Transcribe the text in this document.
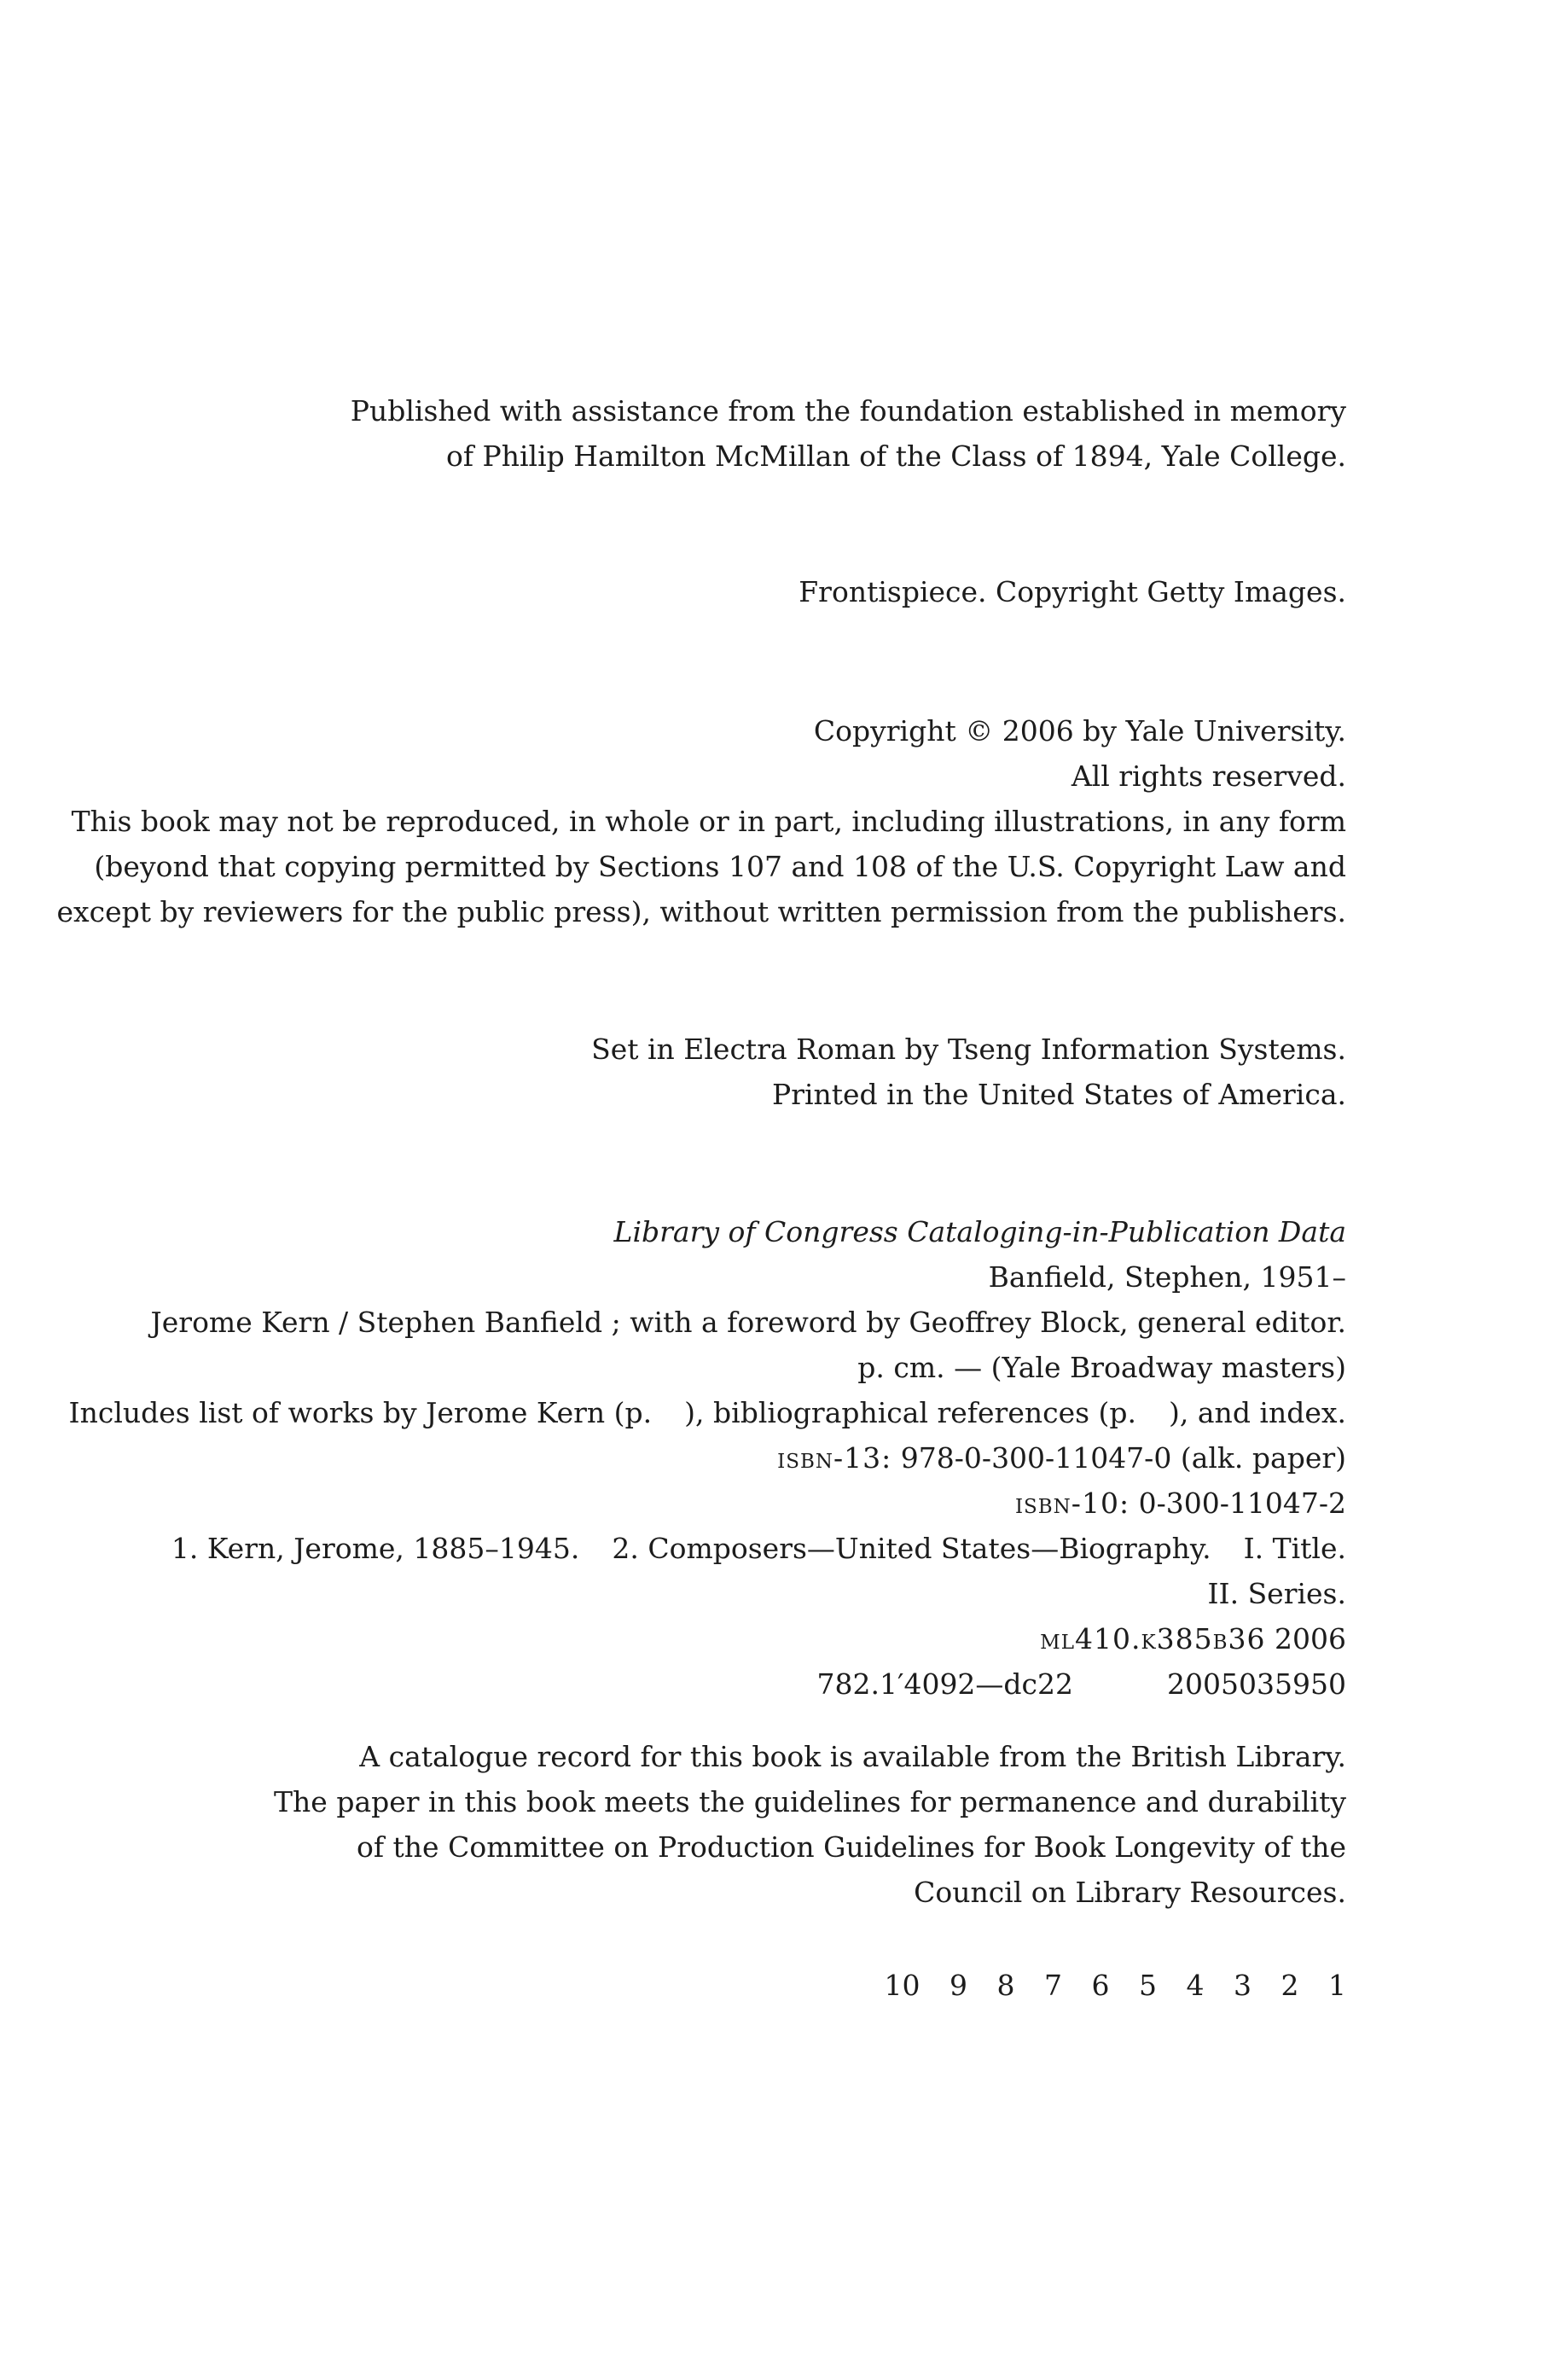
Published with assistance from the foundation established in memory
of Philip Hamilton McMillan of the Class of 1894, Yale College.
Frontispiece. Copyright Getty Images.
Copyright © 2006 by Yale University.
All rights reserved.
This book may not be reproduced, in whole or in part, including illustrations, in any form
(beyond that copying permitted by Sections 107 and 108 of the U.S. Copyright Law and
except by reviewers for the public press), without written permission from the publishers.
Set in Electra Roman by Tseng Information Systems.
Printed in the United States of America.
Library of Congress Cataloging-in-Publication Data
Banfield, Stephen, 1951–
Jerome Kern / Stephen Banfield ; with a foreword by Geoffrey Block, general editor.
p. cm. — (Yale Broadway masters)
Includes list of works by Jerome Kern (p. ), bibliographical references (p. ), and index.
isbn-13: 978-0-300-11047-0 (alk. paper)
isbn-10: 0-300-11047-2
1. Kern, Jerome, 1885–1945. 2. Composers—United States—Biography. I. Title.
II. Series.
ml410.k385b36 2006
782.1′4092—dc22	2005035950
A catalogue record for this book is available from the British Library.
The paper in this book meets the guidelines for permanence and durability
of the Committee on Production Guidelines for Book Longevity of the
Council on Library Resources.
10 9 8 7 6 5 4 3 2 1
